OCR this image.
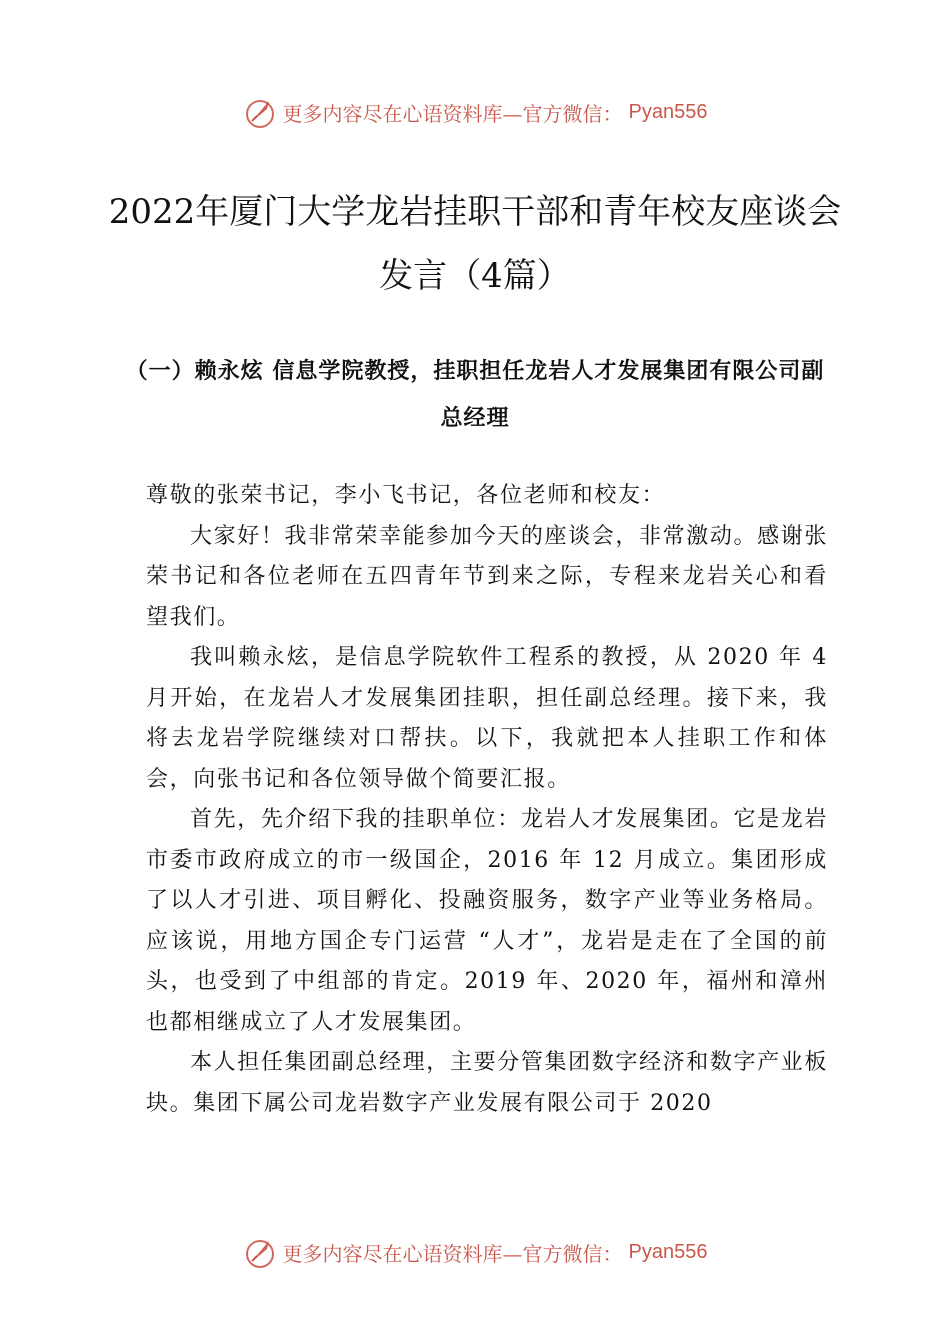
更多内容尽在心语资料库—官方微信： Pyan556
2022年厦门大学龙岩挂职干部和青年校友座谈会发言（4篇）
（一）赖永炫 信息学院教授，挂职担任龙岩人才发展集团有限公司副总经理

尊敬的张荣书记，李小飞书记，各位老师和校友：

大家好！我非常荣幸能参加今天的座谈会，非常激动。感谢张荣书记和各位老师在五四青年节到来之际，专程来龙岩关心和看望我们。

我叫赖永炫，是信息学院软件工程系的教授，从 2020 年 4 月开始，在龙岩人才发展集团挂职，担任副总经理。接下来，我将去龙岩学院继续对口帮扶。以下，我就把本人挂职工作和体会，向张书记和各位领导做个简要汇报。

首先，先介绍下我的挂职单位：龙岩人才发展集团。它是龙岩市委市政府成立的市一级国企，2016 年 12 月成立。集团形成了以人才引进、项目孵化、投融资服务，数字产业等业务格局。应该说，用地方国企专门运营 “人才”，龙岩是走在了全国的前头，也受到了中组部的肯定。2019 年、2020 年，福州和漳州也都相继成立了人才发展集团。

本人担任集团副总经理，主要分管集团数字经济和数字产业板块。集团下属公司龙岩数字产业发展有限公司于 2020

更多内容尽在心语资料库—官方微信： Pyan556
